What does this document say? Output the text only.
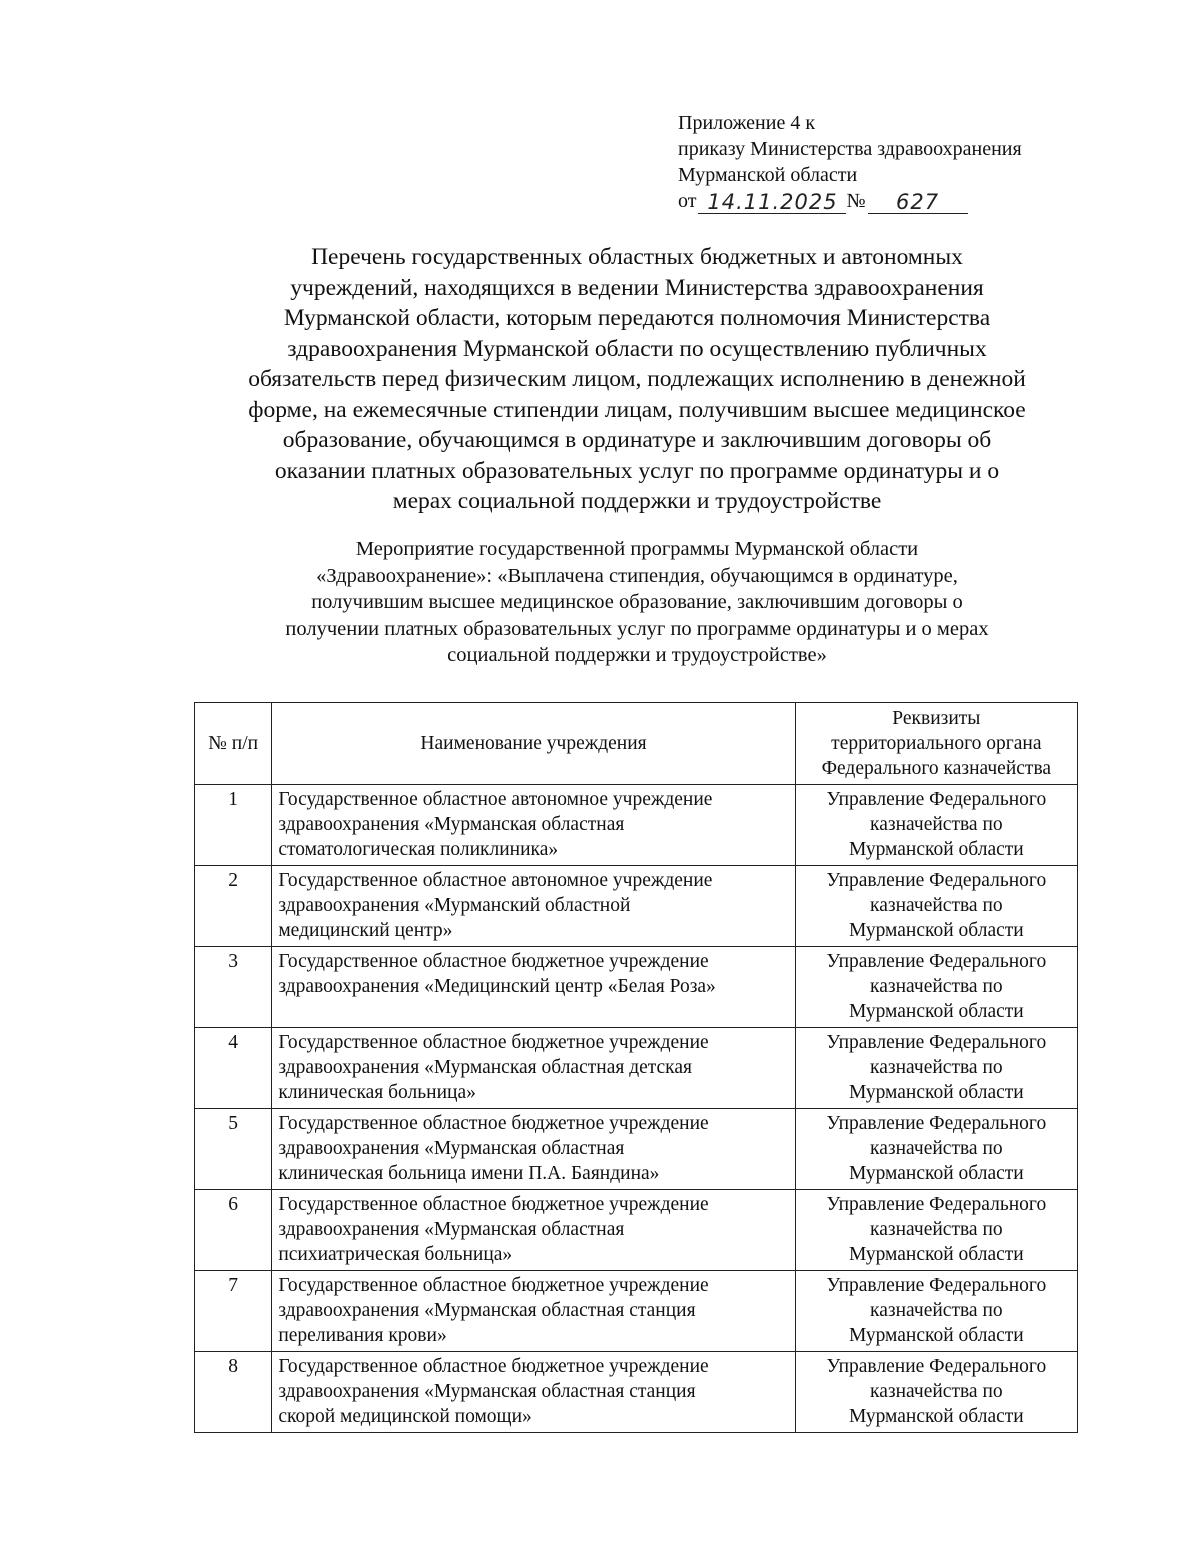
Приложение 4 к
приказу Министерства здравоохранения
Мурманской области
от 14.11.2025 №	627
Перечень государственных областных бюджетных и автономных
учреждений, находящихся в ведении Министерства здравоохранения
Мурманской области, которым передаются полномочия Министерства
здравоохранения Мурманской области по осуществлению публичных
обязательств перед физическим лицом, подлежащих исполнению в денежной
форме, на ежемесячные стипендии лицам, получившим высшее медицинское
образование, обучающимся в ординатуре и заключившим договоры об
оказании платных образовательных услуг по программе ординатуры и о
мерах социальной поддержки и трудоустройстве
Мероприятие государственной программы Мурманской области
«Здравоохранение»: «Выплачена стипендия, обучающимся в ординатуре,
получившим высшее медицинское образование, заключившим договоры о
получении платных образовательных услуг по программе ординатуры и о мерах
социальной поддержки и трудоустройстве»
№ п/п	Наименование учреждения	Реквизиты
территориального органа
Федерального казначейства

1	Государственное областное автономное учреждение
здравоохранения «Мурманская областная
стоматологическая поликлиника»	Управление Федерального
казначейства по
Мурманской области

2	Государственное областное автономное учреждение
здравоохранения «Мурманский областной
медицинский центр»	Управление Федерального
казначейства по
Мурманской области

3	Государственное областное бюджетное учреждение
здравоохранения «Медицинский центр «Белая Роза»	Управление Федерального
казначейства по
Мурманской области

4	Государственное областное бюджетное учреждение
здравоохранения «Мурманская областная детская
клиническая больница»	Управление Федерального
казначейства по
Мурманской области

5	Государственное областное бюджетное учреждение
здравоохранения «Мурманская областная
клиническая больница имени П.А. Баяндина»	Управление Федерального
казначейства по
Мурманской области

6	Государственное областное бюджетное учреждение
здравоохранения «Мурманская областная
психиатрическая больница»	Управление Федерального
казначейства по
Мурманской области

7	Государственное областное бюджетное учреждение
здравоохранения «Мурманская областная станция
переливания крови»	Управление Федерального
казначейства по
Мурманской области

8	Государственное областное бюджетное учреждение
здравоохранения «Мурманская областная станция
скорой медицинской помощи»	Управление Федерального
казначейства по
Мурманской области
